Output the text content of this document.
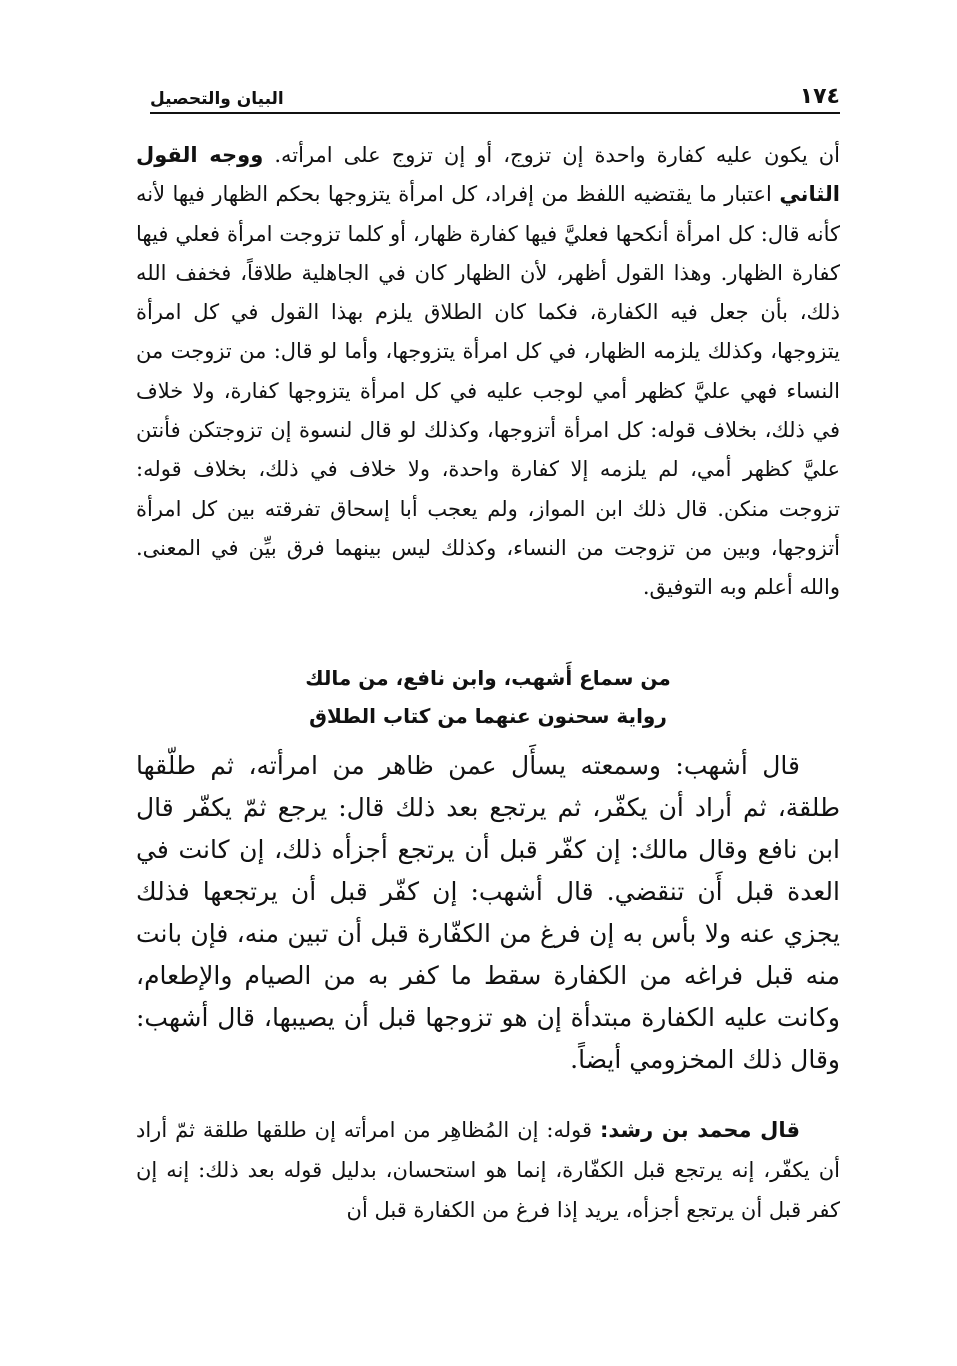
١٧٤
البيان والتحصيل

أن يكون عليه كفارة واحدة إن تزوج، أو إن تزوج على امرأته. ووجه القول الثاني اعتبار ما يقتضيه اللفظ من إفراد، كل امرأة يتزوجها بحكم الظهار فيها لأنه كأنه قال: كل امرأة أنكحها فعليَّ فيها كفارة ظهار، أو كلما تزوجت امرأة فعلي فيها كفارة الظهار. وهذا القول أظهر، لأن الظهار كان في الجاهلية طلاقاً، فخفف الله ذلك، بأن جعل فيه الكفارة، فكما كان الطلاق يلزم بهذا القول في كل امرأة يتزوجها، وكذلك يلزمه الظهار، في كل امرأة يتزوجها، وأما لو قال: من تزوجت من النساء فهي عليَّ كظهر أمي لوجب عليه في كل امرأة يتزوجها كفارة، ولا خلاف في ذلك، بخلاف قوله: كل امرأة أتزوجها، وكذلك لو قال لنسوة إن تزوجتكن فأنتن عليَّ كظهر أمي، لم يلزمه إلا كفارة واحدة، ولا خلاف في ذلك، بخلاف قوله: تزوجت منكن. قال ذلك ابن المواز، ولم يعجب أبا إسحاق تفرقته بين كل امرأة أتزوجها، وبين من تزوجت من النساء، وكذلك ليس بينهما فرق بيِّن في المعنى. والله أعلم وبه التوفيق.

من سماع أَشهب، وابن نافع، من مالك
رواية سحنون عنهما من كتاب الطلاق

قال أشهب: وسمعته يسأَل عمن ظاهر من امرأته، ثم طلّقها طلقة، ثم أراد أن يكفّر، ثم يرتجع بعد ذلك قال: يرجع ثمّ يكفّر قال ابن نافع وقال مالك: إن كفّر قبل أن يرتجع أجزأه ذلك، إن كانت في العدة قبل أَن تنقضي. قال أشهب: إن كفّر قبل أن يرتجعها فذلك يجزي عنه ولا بأس به إن فرغ من الكفّارة قبل أن تبين منه، فإن بانت منه قبل فراغه من الكفارة سقط ما كفر به من الصيام والإطعام، وكانت عليه الكفارة مبتدأة إن هو تزوجها قبل أن يصيبها، قال أشهب: وقال ذلك المخزومي أيضاً.

قال محمد بن رشد: قوله: إن المُظاهِر من امرأته إن طلقها طلقة ثمّ أراد أن يكفّر، إنه يرتجع قبل الكفّارة، إنما هو استحسان، بدليل قوله بعد ذلك: إنه إن كفر قبل أن يرتجع أجزأه، يريد إذا فرغ من الكفارة قبل أن
